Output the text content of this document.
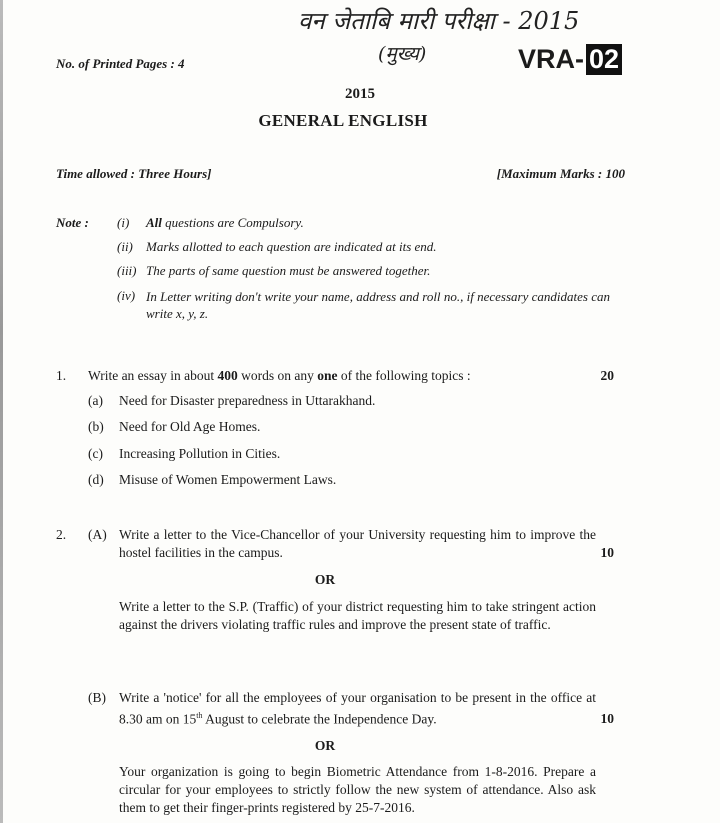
वन जेताबि मारी परीक्षा - 2015
(मुख्य)
No. of Printed Pages : 4	VRA- 02
2015
GENERAL ENGLISH
Time allowed : Three Hours]	[Maximum Marks : 100
Note : (i) All questions are Compulsory.
(ii) Marks allotted to each question are indicated at its end.
(iii) The parts of same question must be answered together.
(iv) In Letter writing don't write your name, address and roll no., if necessary candidates can write x, y, z.
1. Write an essay in about 400 words on any one of the following topics :	20
(a) Need for Disaster preparedness in Uttarakhand.
(b) Need for Old Age Homes.
(c) Increasing Pollution in Cities.
(d) Misuse of Women Empowerment Laws.
2. (A) Write a letter to the Vice-Chancellor of your University requesting him to improve the hostel facilities in the campus.	10
OR
Write a letter to the S.P. (Traffic) of your district requesting him to take stringent action against the drivers violating traffic rules and improve the present state of traffic.
(B) Write a 'notice' for all the employees of your organisation to be present in the office at 8.30 am on 15th August to celebrate the Independence Day.	10
OR
Your organization is going to begin Biometric Attendance from 1-8-2016. Prepare a circular for your employees to strictly follow the new system of attendance. Also ask them to get their finger-prints registered by 25-7-2016.
